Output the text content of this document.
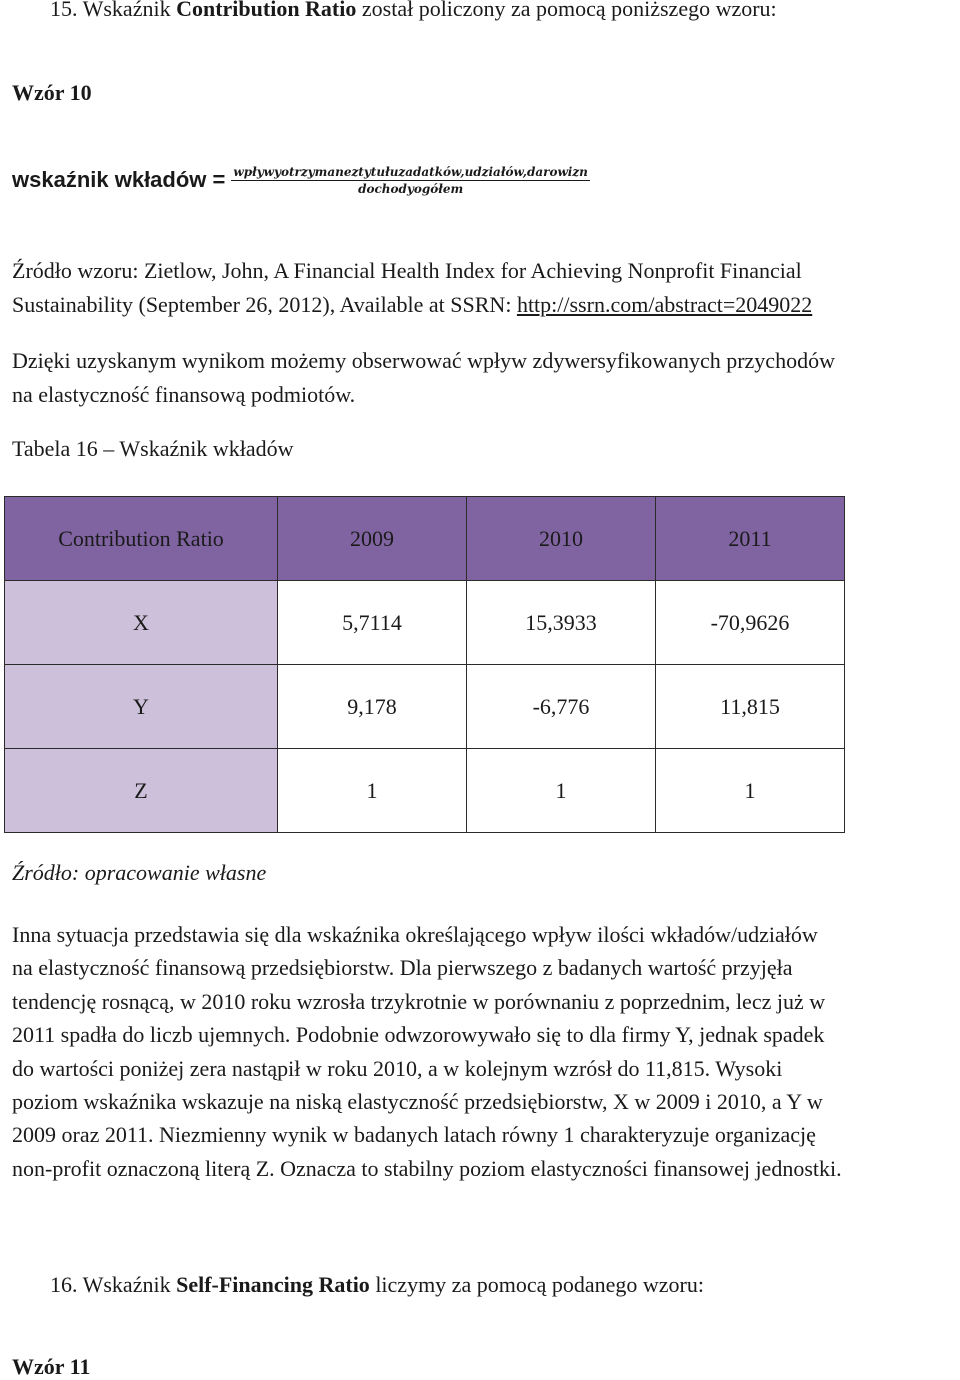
15. Wskaźnik Contribution Ratio został policzony za pomocą poniższego wzoru:
Wzór 10
wskaźnik wkładów = $\frac{\text{wpływyotrzymaneztytułuzadatków,udziałów,darowizn}}{\text{dochodyogółem}}$
Źródło wzoru: Zietlow, John, A Financial Health Index for Achieving Nonprofit Financial
Sustainability (September 26, 2012), Available at SSRN: http://ssrn.com/abstract=2049022
Dzięki uzyskanym wynikom możemy obserwować wpływ zdywersyfikowanych przychodów
na elastyczność finansową podmiotów.
Tabela 16 – Wskaźnik wkładów
Contribution Ratio	2009	2010	2011
X	5,7114	15,3933	-70,9626
Y	9,178	-6,776	11,815
Z	1	1	1
Źródło: opracowanie własne
Inna sytuacja przedstawia się dla wskaźnika określającego wpływ ilości wkładów/udziałów
na elastyczność finansową przedsiębiorstw. Dla pierwszego z badanych wartość przyjęła
tendencję rosnącą, w 2010 roku wzrosła trzykrotnie w porównaniu z poprzednim, lecz już w
2011 spadła do liczb ujemnych. Podobnie odwzorowywało się to dla firmy Y, jednak spadek
do wartości poniżej zera nastąpił w roku 2010, a w kolejnym wzrósł do 11,815. Wysoki
poziom wskaźnika wskazuje na niską elastyczność przedsiębiorstw, X w 2009 i 2010, a Y w
2009 oraz 2011. Niezmienny wynik w badanych latach równy 1 charakteryzuje organizację
non-profit oznaczoną literą Z. Oznacza to stabilny poziom elastyczności finansowej jednostki.
16. Wskaźnik Self-Financing Ratio liczymy za pomocą podanego wzoru:
Wzór 11
